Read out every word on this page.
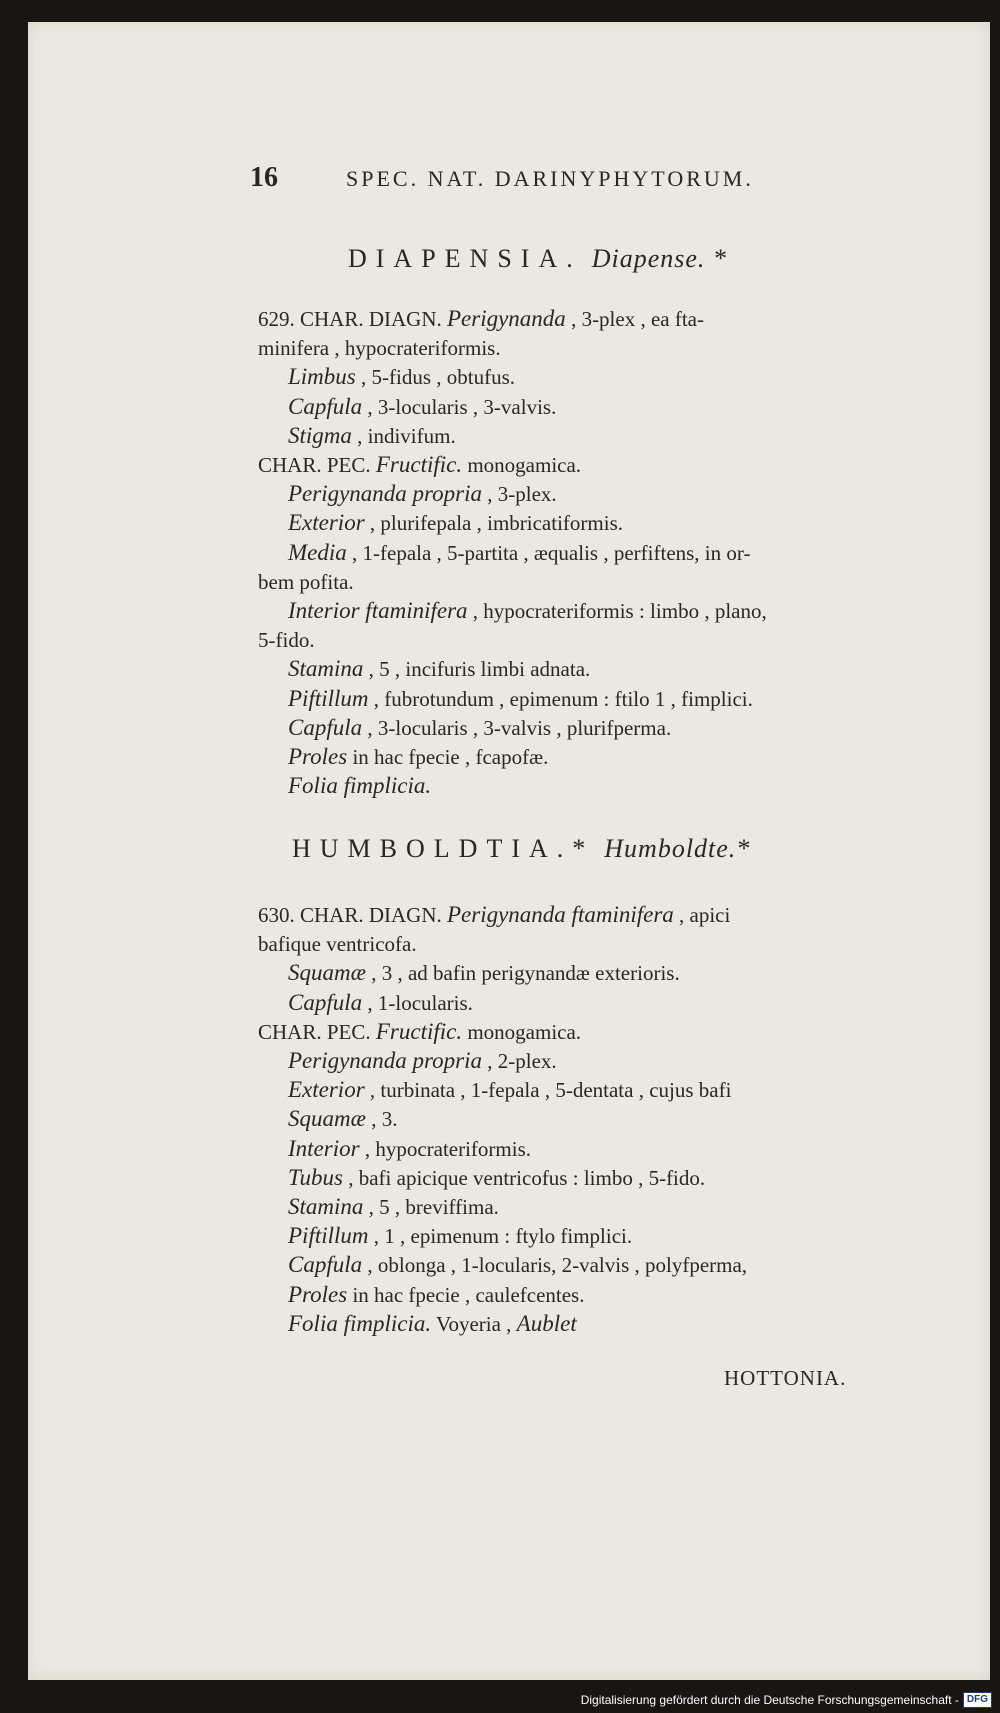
16	SPEC. NAT. DARINYPHYTORUM.
DIAPENSIA. Diapense. *
629. CHAR. DIAGN. Perigynanda , 3-plex , ea fta-
minifera , hypocrateriformis.
Limbus , 5-fidus , obtufus.
Capfula , 3-locularis , 3-valvis.
Stigma , indivifum.
CHAR. PEC. Fructific. monogamica.
Perigynanda propria , 3-plex.
Exterior , plurifepala , imbricatiformis.
Media , 1-fepala , 5-partita , æqualis , perfiftens, in or-
bem pofita.
Interior ftaminifera , hypocrateriformis : limbo , plano,
5-fido.
Stamina , 5 , incifuris limbi adnata.
Piftillum , fubrotundum , epimenum : ftilo 1 , fimplici.
Capfula , 3-locularis , 3-valvis , plurifperma.
Proles in hac fpecie , fcapofæ.
Folia fimplicia.
HUMBOLDTIA.* Humboldte.*
630. CHAR. DIAGN. Perigynanda ftaminifera , apici
bafique ventricofa.
Squamæ , 3 , ad bafin perigynandæ exterioris.
Capfula , 1-locularis.
CHAR. PEC. Fructific. monogamica.
Perigynanda propria , 2-plex.
Exterior , turbinata , 1-fepala , 5-dentata , cujus bafi
Squamæ , 3.
Interior , hypocrateriformis.
Tubus , bafi apicique ventricofus : limbo , 5-fido.
Stamina , 5 , breviffima.
Piftillum , 1 , epimenum : ftylo fimplici.
Capfula , oblonga , 1-locularis, 2-valvis , polyfperma,
Proles in hac fpecie , caulefcentes.
Folia fimplicia. Voyeria , Aublet
HOTTONIA.
Digitalisierung gefördert durch die Deutsche Forschungsgemeinschaft - DFG
